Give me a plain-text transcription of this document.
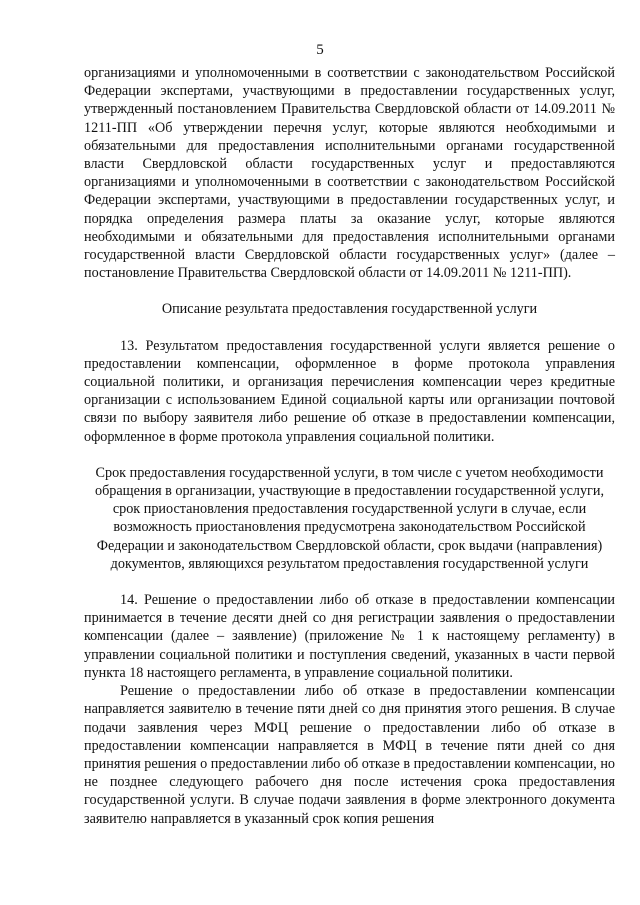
5

организациями и уполномоченными в соответствии с законодательством Российской Федерации экспертами, участвующими в предоставлении государственных услуг, утвержденный постановлением Правительства Свердловской области от 14.09.2011 № 1211-ПП «Об утверждении перечня услуг, которые являются необходимыми и обязательными для предоставления исполнительными органами государственной власти Свердловской области государственных услуг и предоставляются организациями и уполномоченными в соответствии с законодательством Российской Федерации экспертами, участвующими в предоставлении государственных услуг, и порядка определения размера платы за оказание услуг, которые являются необходимыми и обязательными для предоставления исполнительными органами государственной власти Свердловской области государственных услуг» (далее – постановление Правительства Свердловской области от 14.09.2011 № 1211-ПП).

Описание результата предоставления государственной услуги

13. Результатом предоставления государственной услуги является решение о предоставлении компенсации, оформленное в форме протокола управления социальной политики, и организация перечисления компенсации через кредитные организации с использованием Единой социальной карты или организации почтовой связи по выбору заявителя либо решение об отказе в предоставлении компенсации, оформленное в форме протокола управления социальной политики.

Срок предоставления государственной услуги, в том числе с учетом необходимости обращения в организации, участвующие в предоставлении государственной услуги, срок приостановления предоставления государственной услуги в случае, если возможность приостановления предусмотрена законодательством Российской Федерации и законодательством Свердловской области, срок выдачи (направления) документов, являющихся результатом предоставления государственной услуги

14. Решение о предоставлении либо об отказе в предоставлении компенсации принимается в течение десяти дней со дня регистрации заявления о предоставлении компенсации (далее – заявление) (приложение № 1 к настоящему регламенту) в управлении социальной политики и поступления сведений, указанных в части первой пункта 18 настоящего регламента, в управление социальной политики.

Решение о предоставлении либо об отказе в предоставлении компенсации направляется заявителю в течение пяти дней со дня принятия этого решения. В случае подачи заявления через МФЦ решение о предоставлении либо об отказе в предоставлении компенсации направляется в МФЦ в течение пяти дней со дня принятия решения о предоставлении либо об отказе в предоставлении компенсации, но не позднее следующего рабочего дня после истечения срока предоставления государственной услуги. В случае подачи заявления в форме электронного документа заявителю направляется в указанный срок копия решения
